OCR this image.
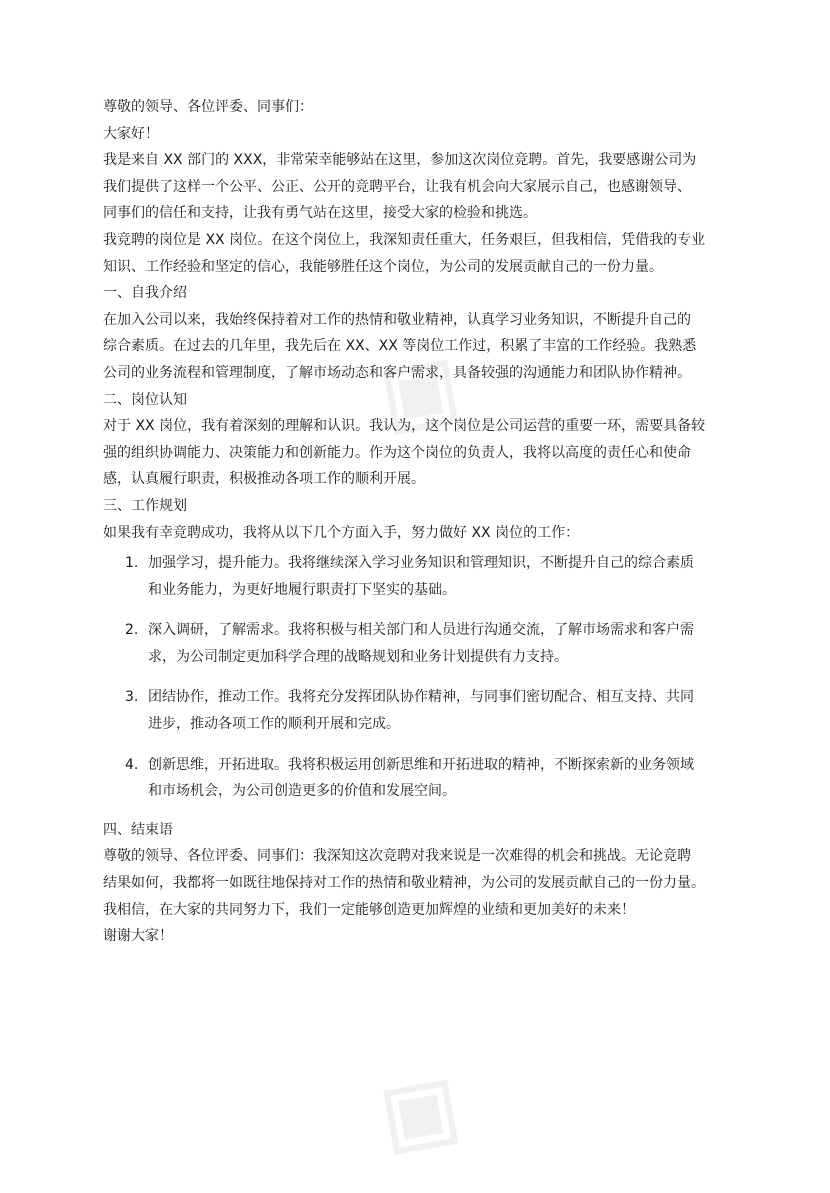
◈
◈
尊敬的领导、各位评委、同事们：
大家好！
我是来自 XX 部门的 XXX，非常荣幸能够站在这里，参加这次岗位竞聘。首先，我要感谢公司为
我们提供了这样一个公平、公正、公开的竞聘平台，让我有机会向大家展示自己，也感谢领导、
同事们的信任和支持，让我有勇气站在这里，接受大家的检验和挑选。
我竞聘的岗位是 XX 岗位。在这个岗位上，我深知责任重大，任务艰巨，但我相信，凭借我的专业
知识、工作经验和坚定的信心，我能够胜任这个岗位，为公司的发展贡献自己的一份力量。
一、自我介绍
在加入公司以来，我始终保持着对工作的热情和敬业精神，认真学习业务知识，不断提升自己的
综合素质。在过去的几年里，我先后在 XX、XX 等岗位工作过，积累了丰富的工作经验。我熟悉
公司的业务流程和管理制度，了解市场动态和客户需求，具备较强的沟通能力和团队协作精神。
二、岗位认知
对于 XX 岗位，我有着深刻的理解和认识。我认为，这个岗位是公司运营的重要一环，需要具备较
强的组织协调能力、决策能力和创新能力。作为这个岗位的负责人，我将以高度的责任心和使命
感，认真履行职责，积极推动各项工作的顺利开展。
三、工作规划
如果我有幸竞聘成功，我将从以下几个方面入手，努力做好 XX 岗位的工作：
1. 加强学习，提升能力。我将继续深入学习业务知识和管理知识，不断提升自己的综合素质
和业务能力，为更好地履行职责打下坚实的基础。
2. 深入调研，了解需求。我将积极与相关部门和人员进行沟通交流，了解市场需求和客户需
求，为公司制定更加科学合理的战略规划和业务计划提供有力支持。
3. 团结协作，推动工作。我将充分发挥团队协作精神，与同事们密切配合、相互支持、共同
进步，推动各项工作的顺利开展和完成。
4. 创新思维，开拓进取。我将积极运用创新思维和开拓进取的精神，不断探索新的业务领域
和市场机会，为公司创造更多的价值和发展空间。
四、结束语
尊敬的领导、各位评委、同事们：我深知这次竞聘对我来说是一次难得的机会和挑战。无论竞聘
结果如何，我都将一如既往地保持对工作的热情和敬业精神，为公司的发展贡献自己的一份力量。
我相信，在大家的共同努力下，我们一定能够创造更加辉煌的业绩和更加美好的未来！
谢谢大家！
